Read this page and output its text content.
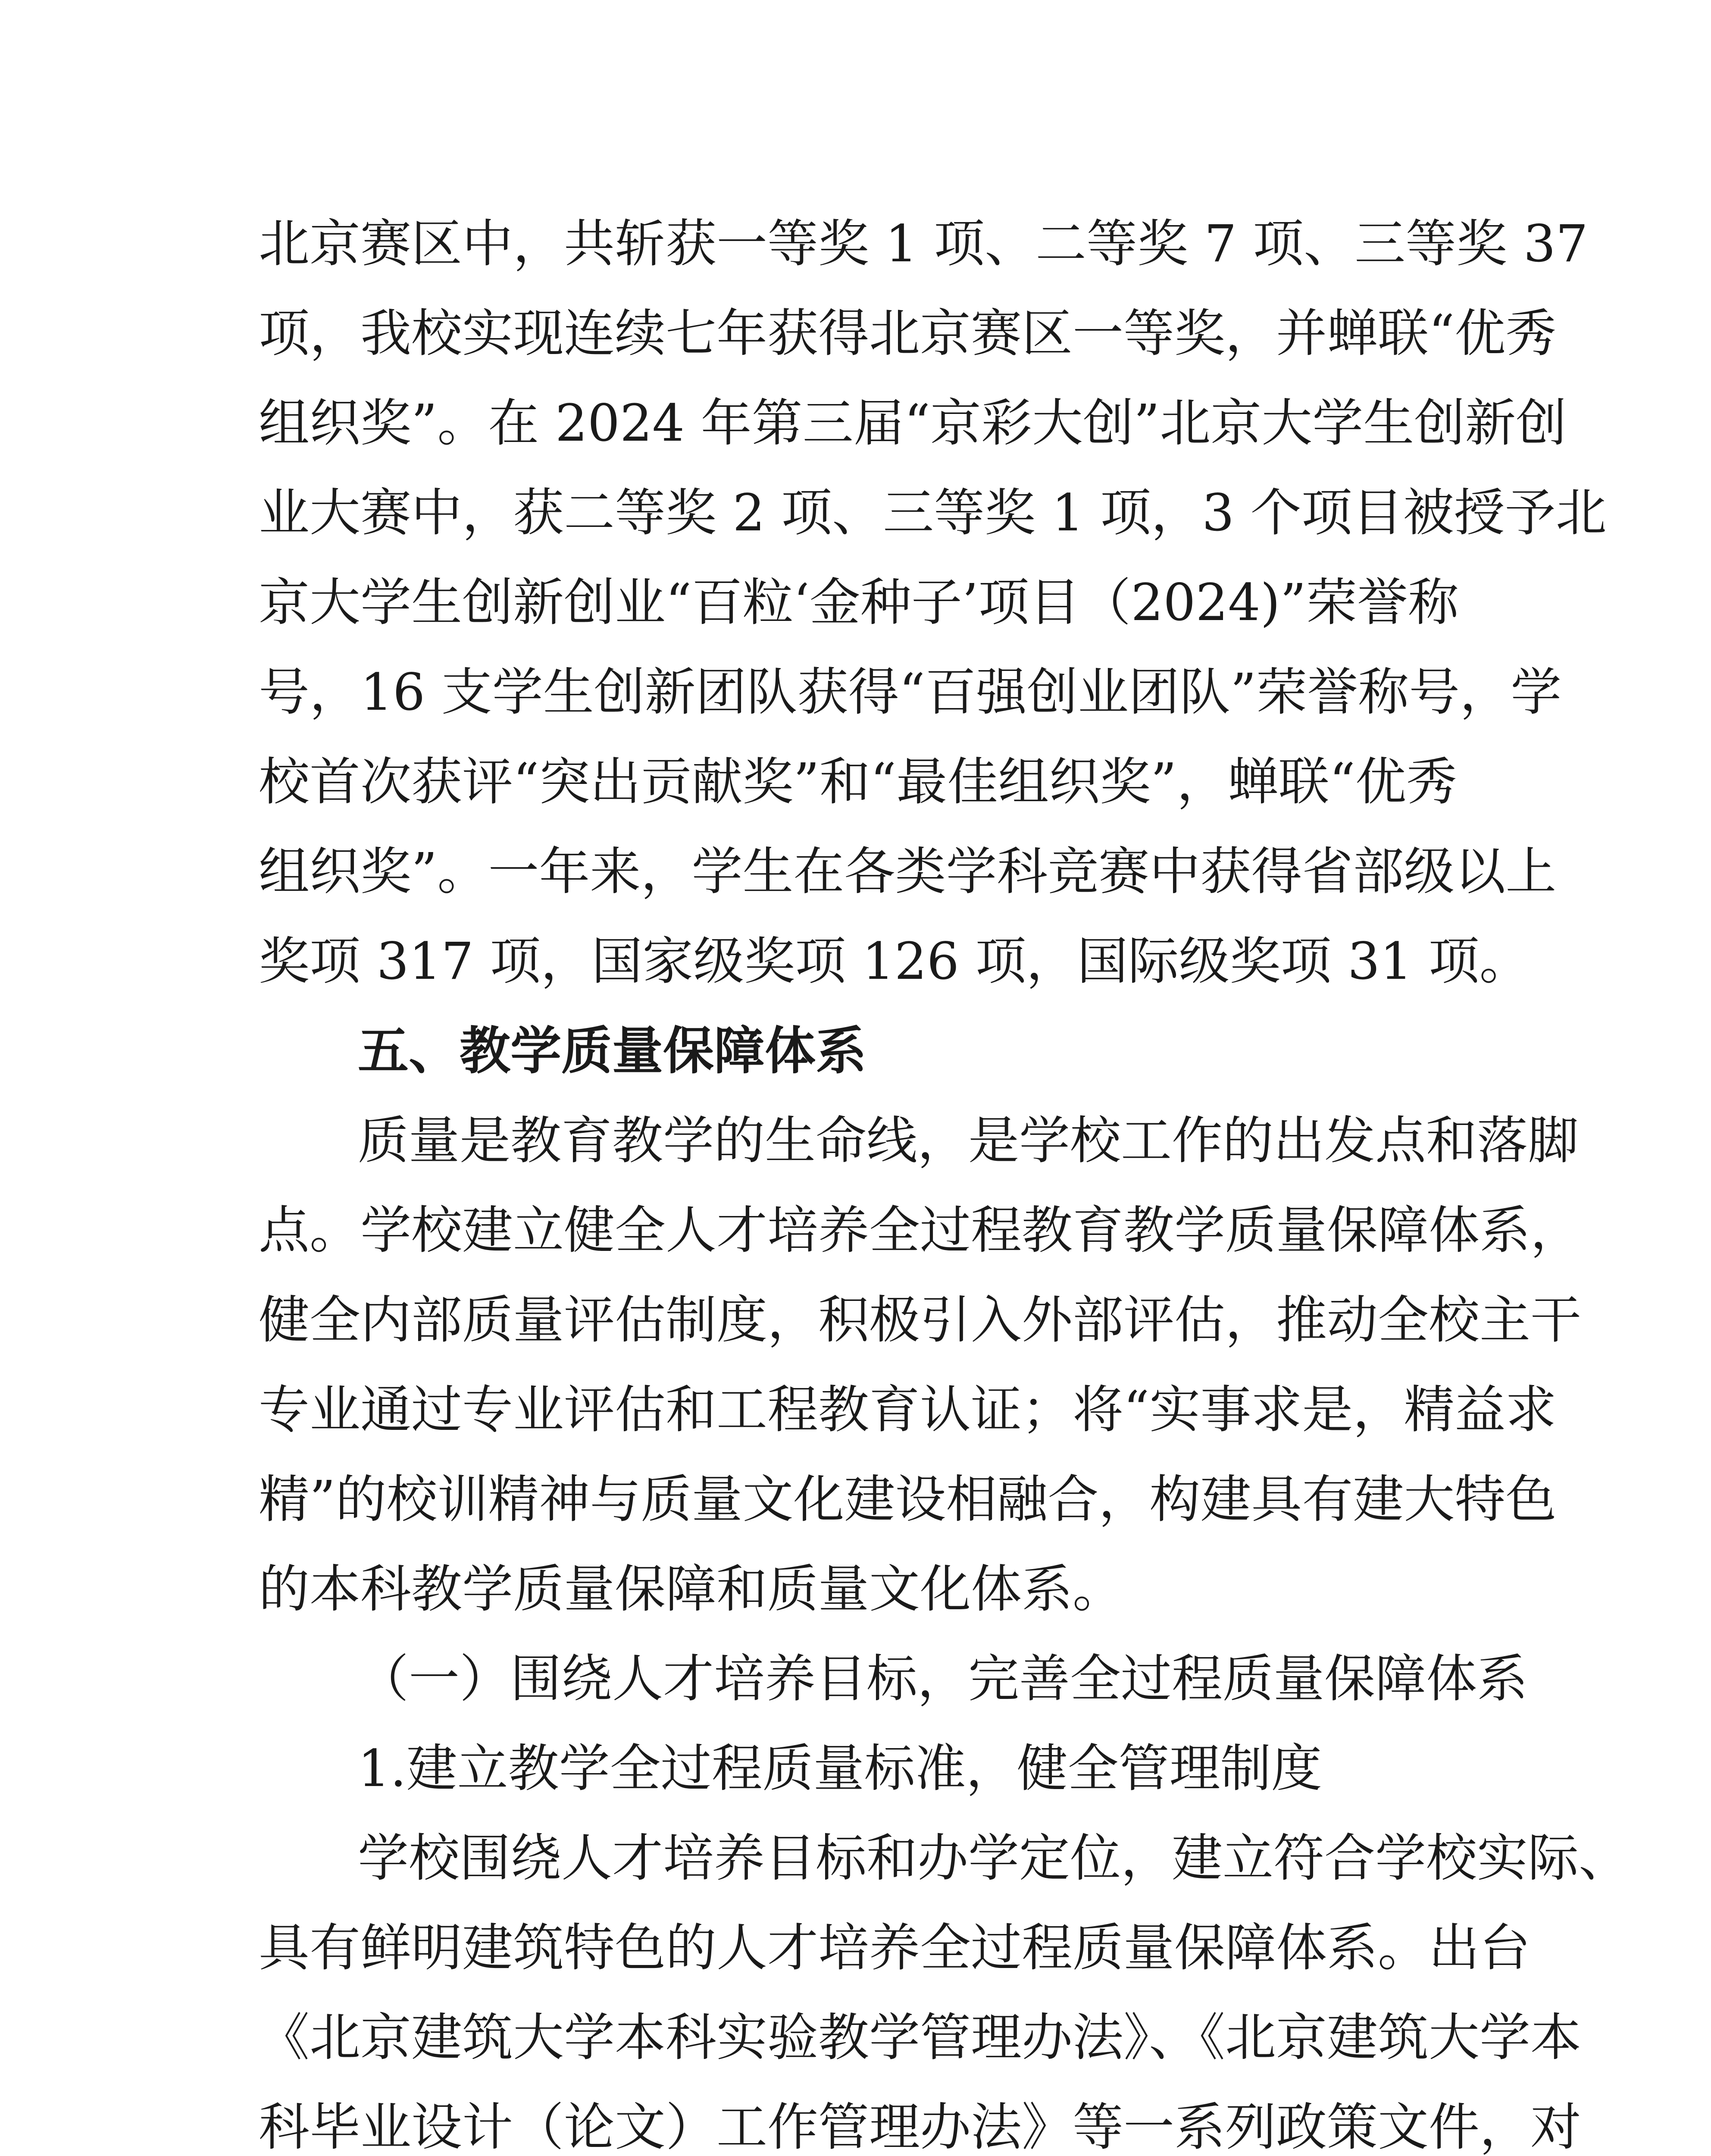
北京赛区中，共斩获一等奖 1 项、二等奖 7 项、三等奖 37
项，我校实现连续七年获得北京赛区一等奖，并蝉联“优秀
组织奖”。在 2024 年第三届“京彩大创”北京大学生创新创
业大赛中，获二等奖 2 项、三等奖 1 项，3 个项目被授予北
京大学生创新创业“百粒‘金种子’项目（2024)”荣誉称
号，16 支学生创新团队获得“百强创业团队”荣誉称号，学
校首次获评“突出贡献奖”和“最佳组织奖”，蝉联“优秀
组织奖”。一年来，学生在各类学科竞赛中获得省部级以上
奖项 317 项，国家级奖项 126 项，国际级奖项 31 项。
五、教学质量保障体系
质量是教育教学的生命线，是学校工作的出发点和落脚
点。学校建立健全人才培养全过程教育教学质量保障体系，
健全内部质量评估制度，积极引入外部评估，推动全校主干
专业通过专业评估和工程教育认证；将“实事求是，精益求
精”的校训精神与质量文化建设相融合，构建具有建大特色
的本科教学质量保障和质量文化体系。
（一）围绕人才培养目标，完善全过程质量保障体系
1.建立教学全过程质量标准，健全管理制度
学校围绕人才培养目标和办学定位，建立符合学校实际、
具有鲜明建筑特色的人才培养全过程质量保障体系。出台
《北京建筑大学本科实验教学管理办法》、《北京建筑大学本
科毕业设计（论文）工作管理办法》等一系列政策文件，对
